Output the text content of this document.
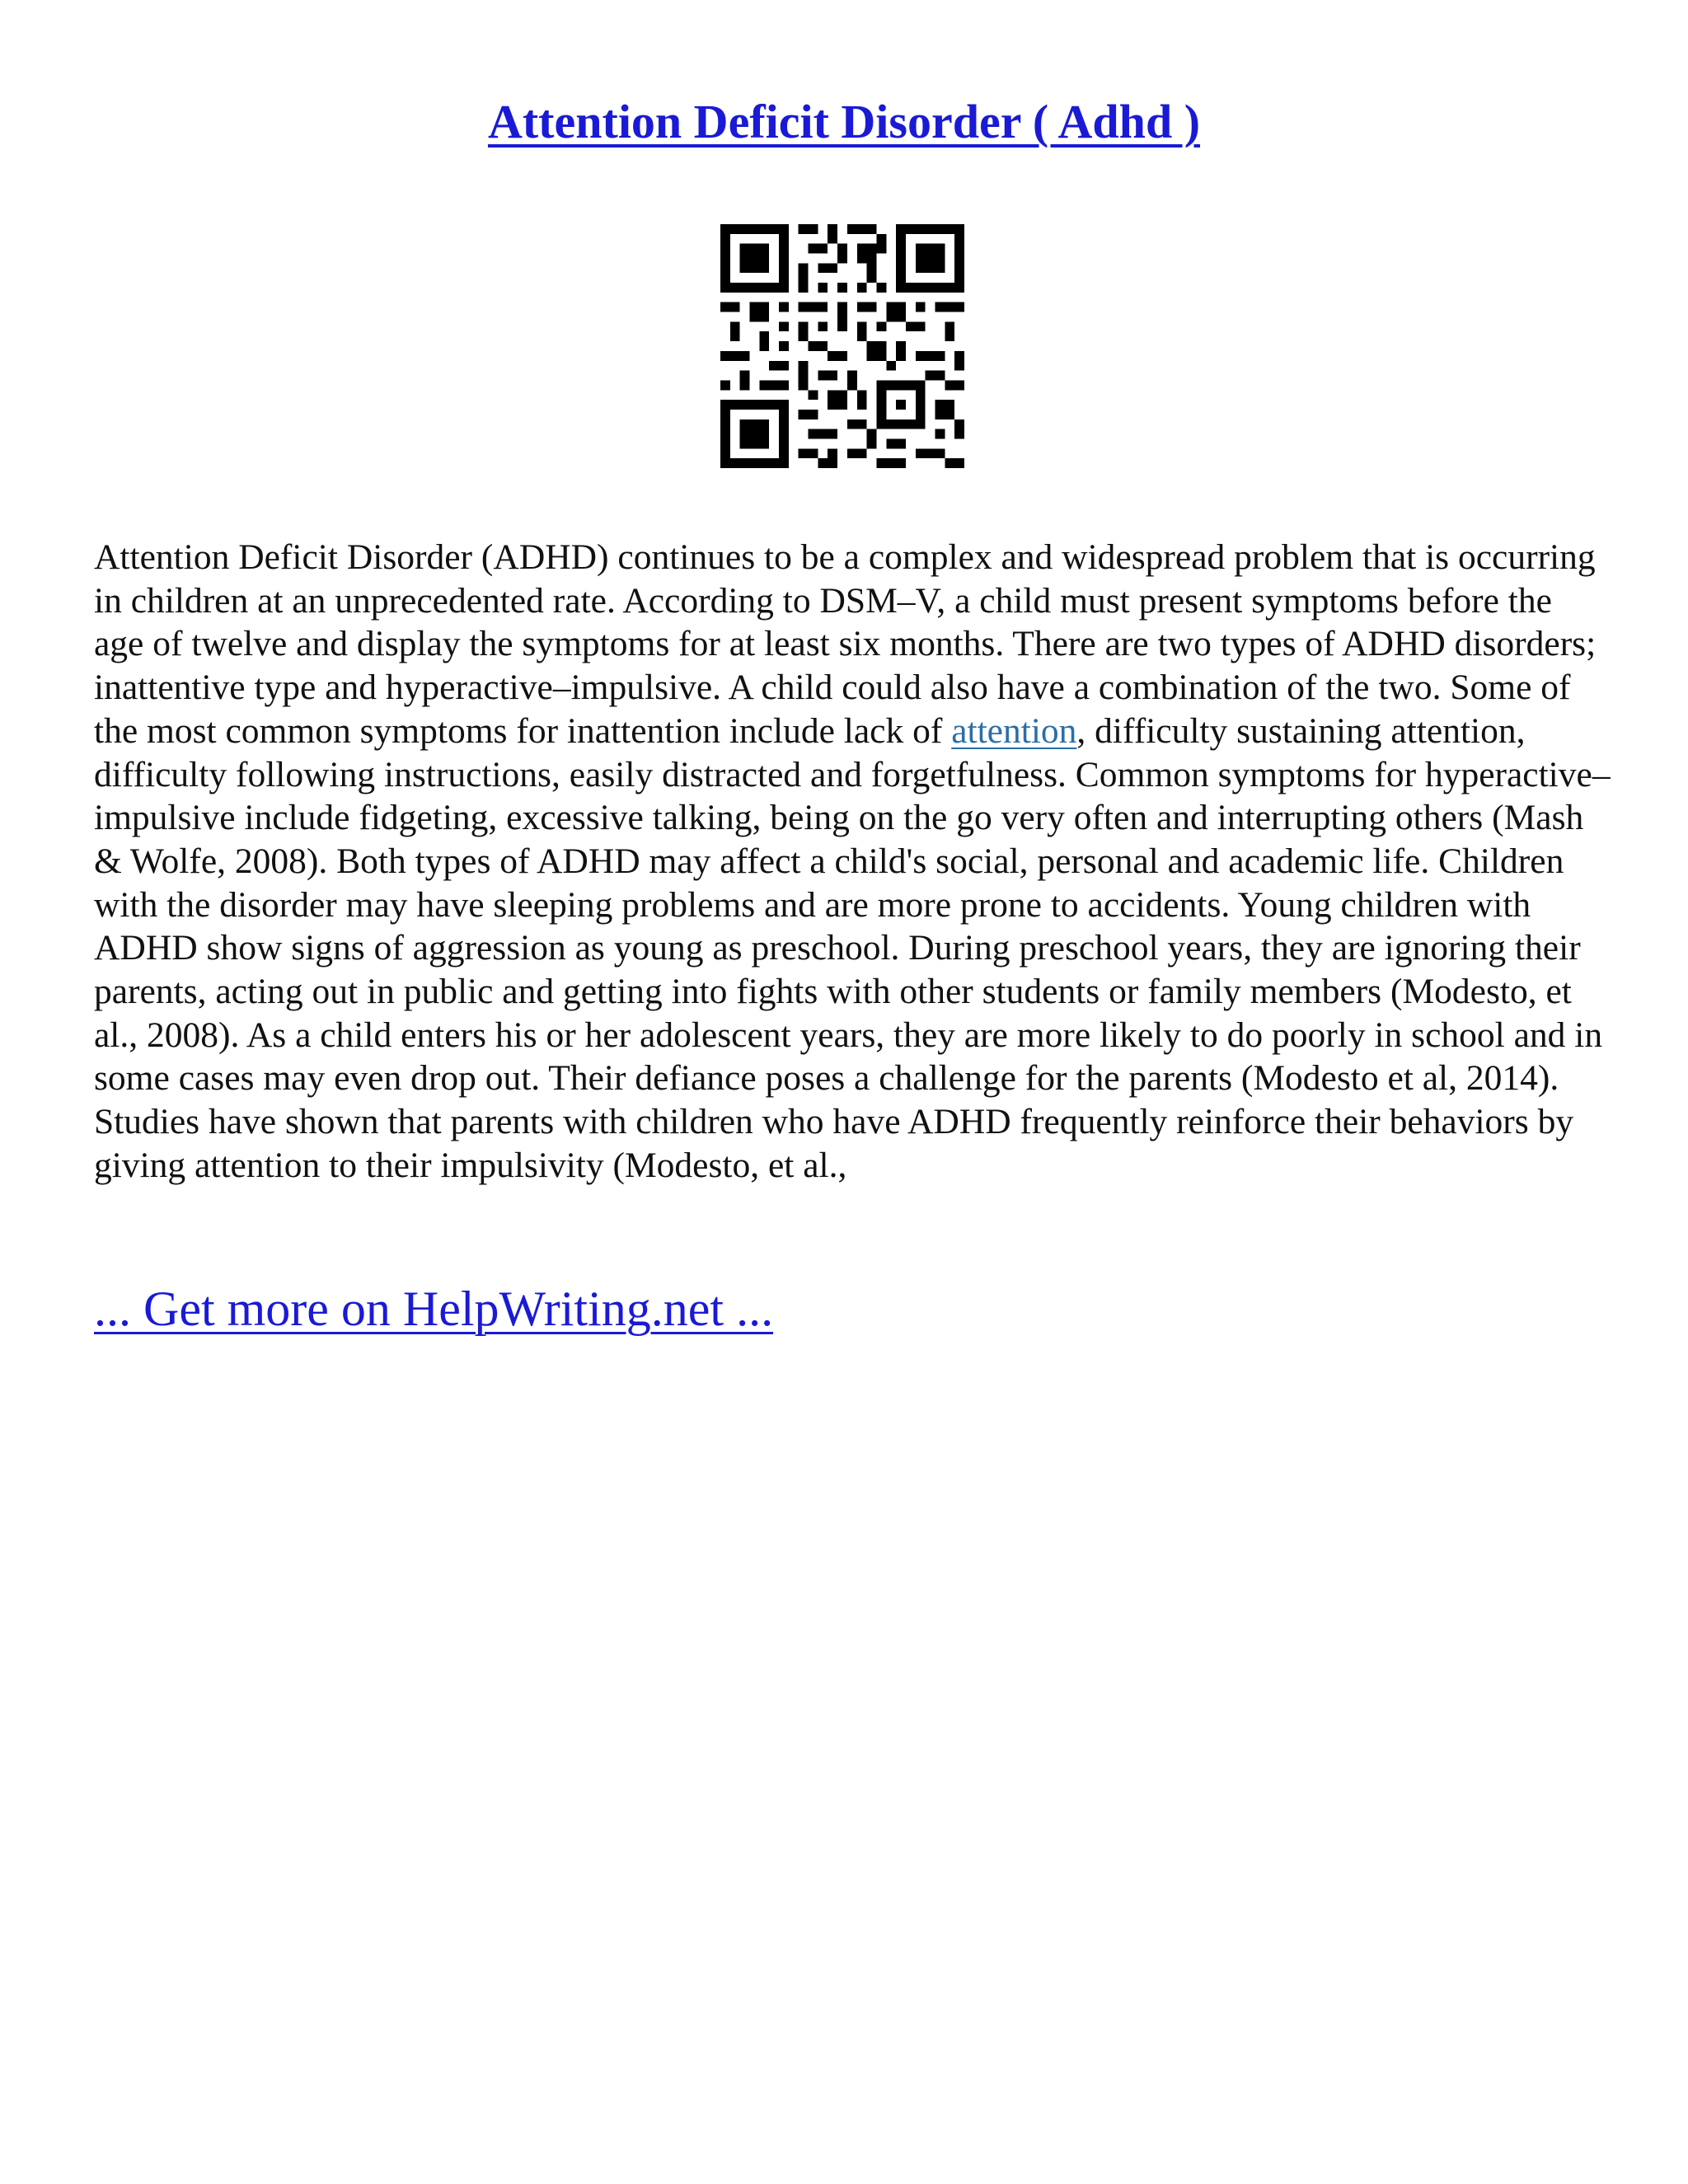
Attention Deficit Disorder ( Adhd )

Attention Deficit Disorder (ADHD) continues to be a complex and widespread problem that is occurring in children at an unprecedented rate. According to DSM–V, a child must present symptoms before the age of twelve and display the symptoms for at least six months. There are two types of ADHD disorders; inattentive type and hyperactive–impulsive. A child could also have a combination of the two. Some of the most common symptoms for inattention include lack of attention, difficulty sustaining attention, difficulty following instructions, easily distracted and forgetfulness. Common symptoms for hyperactive–impulsive include fidgeting, excessive talking, being on the go very often and interrupting others (Mash & Wolfe, 2008). Both types of ADHD may affect a child's social, personal and academic life. Children with the disorder may have sleeping problems and are more prone to accidents. Young children with ADHD show signs of aggression as young as preschool. During preschool years, they are ignoring their parents, acting out in public and getting into fights with other students or family members (Modesto, et al., 2008). As a child enters his or her adolescent years, they are more likely to do poorly in school and in some cases may even drop out. Their defiance poses a challenge for the parents (Modesto et al, 2014). Studies have shown that parents with children who have ADHD frequently reinforce their behaviors by giving attention to their impulsivity (Modesto, et al.,

... Get more on HelpWriting.net ...
